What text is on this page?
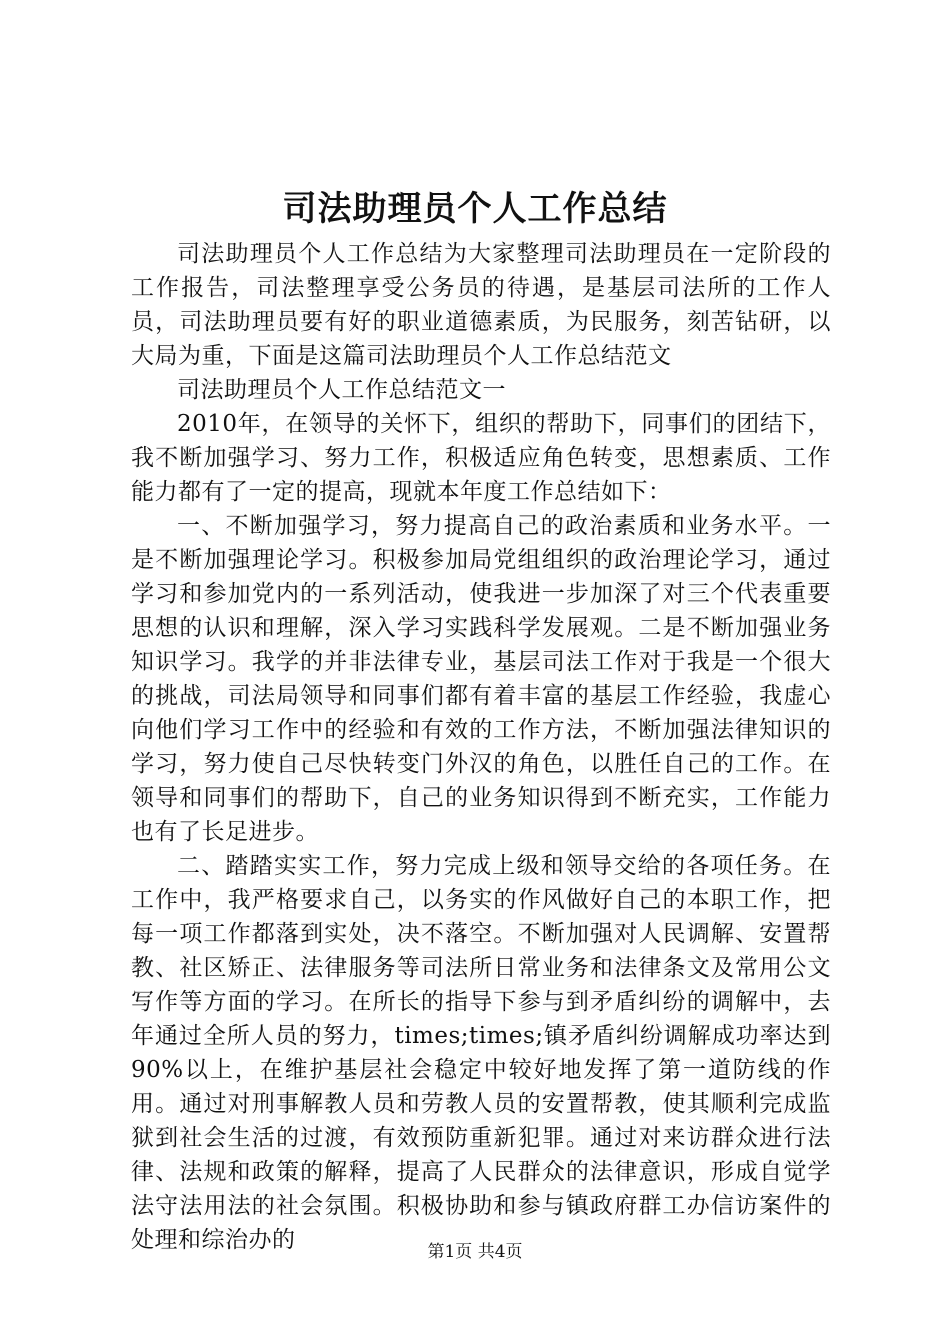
司法助理员个人工作总结

司法助理员个人工作总结为大家整理司法助理员在一定阶段的工作报告，司法整理享受公务员的待遇，是基层司法所的工作人员，司法助理员要有好的职业道德素质，为民服务，刻苦钻研，以大局为重，下面是这篇司法助理员个人工作总结范文

司法助理员个人工作总结范文一

2010年，在领导的关怀下，组织的帮助下，同事们的团结下，我不断加强学习、努力工作，积极适应角色转变，思想素质、工作能力都有了一定的提高，现就本年度工作总结如下：

一、不断加强学习，努力提高自己的政治素质和业务水平。一是不断加强理论学习。积极参加局党组组织的政治理论学习，通过学习和参加党内的一系列活动，使我进一步加深了对三个代表重要思想的认识和理解，深入学习实践科学发展观。二是不断加强业务知识学习。我学的并非法律专业，基层司法工作对于我是一个很大的挑战，司法局领导和同事们都有着丰富的基层工作经验，我虚心向他们学习工作中的经验和有效的工作方法，不断加强法律知识的学习，努力使自己尽快转变门外汉的角色，以胜任自己的工作。在领导和同事们的帮助下，自己的业务知识得到不断充实，工作能力也有了长足进步。

二、踏踏实实工作，努力完成上级和领导交给的各项任务。在工作中，我严格要求自己，以务实的作风做好自己的本职工作，把每一项工作都落到实处，决不落空。不断加强对人民调解、安置帮教、社区矫正、法律服务等司法所日常业务和法律条文及常用公文写作等方面的学习。在所长的指导下参与到矛盾纠纷的调解中，去年通过全所人员的努力，times;times;镇矛盾纠纷调解成功率达到90%以上，在维护基层社会稳定中较好地发挥了第一道防线的作用。通过对刑事解教人员和劳教人员的安置帮教，使其顺利完成监狱到社会生活的过渡，有效预防重新犯罪。通过对来访群众进行法律、法规和政策的解释，提高了人民群众的法律意识，形成自觉学法守法用法的社会氛围。积极协助和参与镇政府群工办信访案件的处理和综治办的	第1页 共4页
